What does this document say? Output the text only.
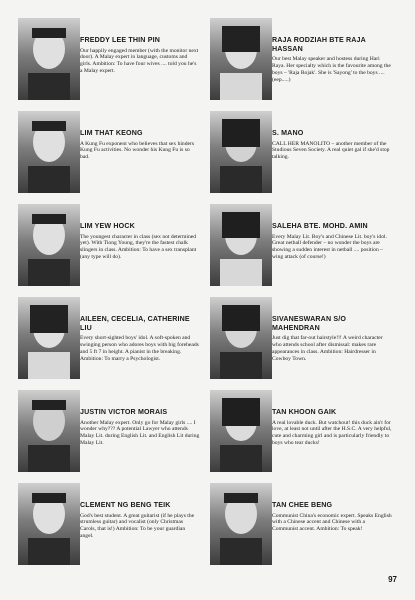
FREDDY LEE THIN PIN

Our happily engaged member (with the monitor next door). A Malay expert in language, customs and girls. Ambition: To have four wives .... told you he's a Malay expert.

LIM THAT KEONG

A Kung Fu exponent who believes that sex hinders Kung Fu activities. No wonder his Kung Fu is so bad.

LIM YEW HOCK

The youngest character in class (sex not determined yet). With Tiong Young, they're the fastest chalk slingers in class. Ambition: To have a sex transplant (any type will do).

AILEEN, CECELIA, CATHERINE LIU

Every short-sighted boys' idol. A soft-spoken and swinging person who adores boys with big foreheads and 5 ft 7 in height. A pianist in the breaking. Ambition: To marry a Psychologist.

JUSTIN VICTOR MORAIS

Another Malay expert. Only go for Malay girls .... I wonder why??? A potential Lawyer who attends Malay Lit. during English Lit. and English Lit during Malay Lit.

CLEMENT NG BENG TEIK

God's best student. A great guitarist (if he plays the strumless guitar) and vocalist (only Christmas Carols, that is!) Ambition: To be your guardian angel.

RAJA RODZIAH BTE RAJA HASSAN

Our best Malay speaker and hostess during Hari Raya. Her specialty which is the favourite among the boys – 'Raja Rojak'. She is 'Sayong' to the boys .... (eep.....)

S. MANO

CALL HER MANOLITO – another member of the Studious Seven Society. A real quiet gal if she'd stop talking.

SALEHA BTE. MOHD. AMIN

Every Malay Lit. Boy's and Chinese Lit. boy's idol. Great netball defender – no wonder the boys are showing a sudden interest in netball .... position – wing attack (of course!)

SIVANESWARAN S/O MAHENDRAN

Just dig that far-out hairstyle!!! A weird character who attends school after dismissal: makes rare appearances in class. Ambition: Hairdresser in Cowboy Town.

TAN KHOON GAIK

A real lovable duck. But watchout! this duck ain't for love, at least not until after the H.S.C. A very helpful, cute and charming girl and is particularly friendly to boys who tear ducks!

TAN CHEE BENG

Communist China's economic expert. Speaks English with a Chinese accent and Chinese with a Communist accent. Ambition: To speak!

97
